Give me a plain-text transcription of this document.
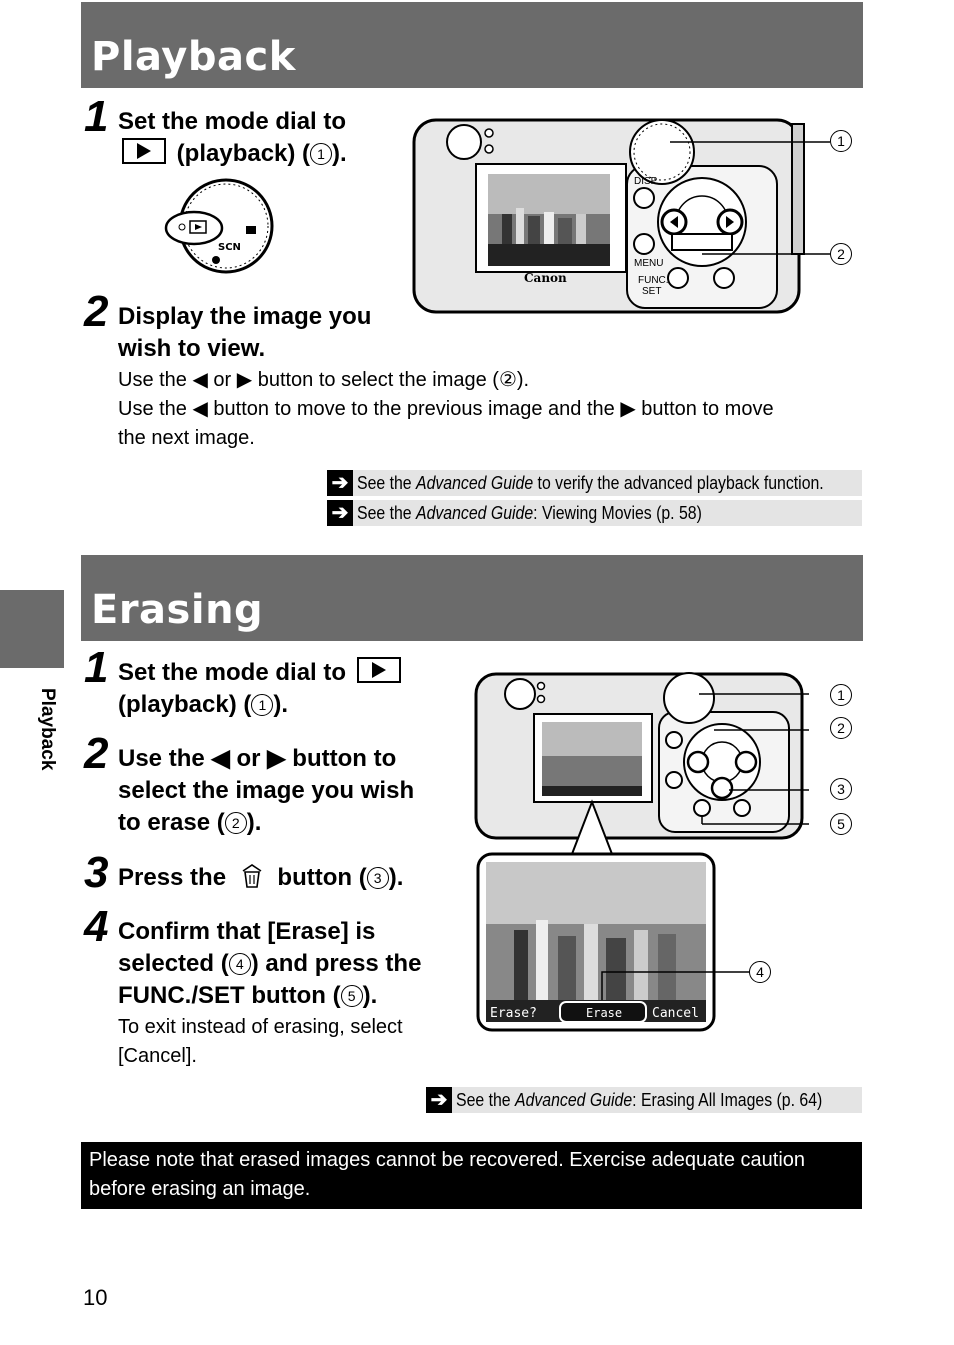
Playback
Playback
1 Set the mode dial to
(playback) ( 1 ).
SCN
Canon
DISP.
MENU
FUNC.
SET
1
2
2 Display the image you
wish to view.
Use the ◀ or ▶ button to select the image (②).
Use the ◀ button to move to the previous image and the ▶ button to move
the next image.
➔ See the Advanced Guide to verify the advanced playback function.
➔ See the Advanced Guide: Viewing Movies (p. 58)
Erasing
1 Set the mode dial to
(playback) ( 1 ).
2 Use the ◀ or ▶ button to
select the image you wish
to erase ( 2 ).
3 Press the button ( 3 ).
4 Confirm that [Erase] is
selected ( 4 ) and press the
FUNC./SET button ( 5 ).
To exit instead of erasing, select
[Cancel].
Erase?	Erase Cancel
1
2
3
5
4
➔ See the Advanced Guide: Erasing All Images (p. 64)
Please note that erased images cannot be recovered. Exercise adequate caution before erasing an image.
10
